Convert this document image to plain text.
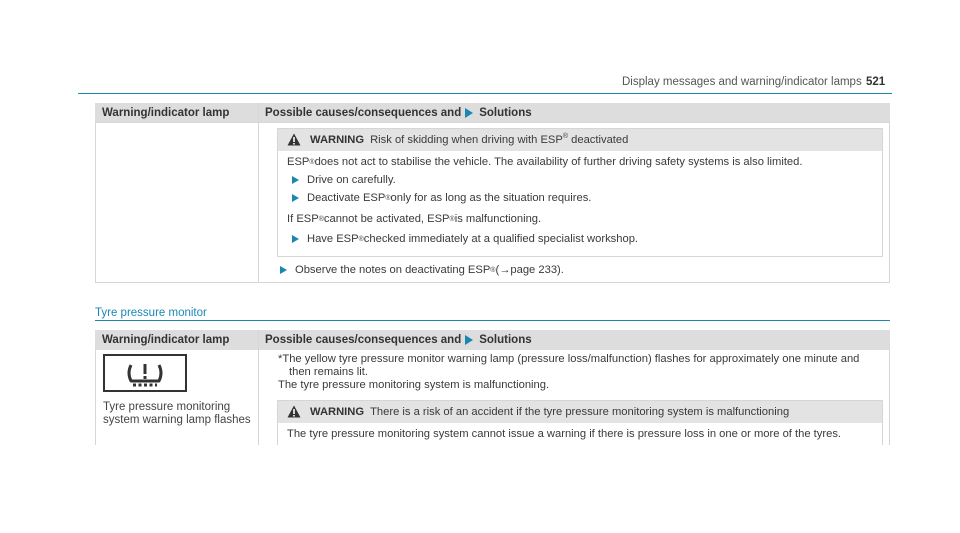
Display messages and warning/indicator lamps 521
Warning/indicator lamp	Possible causes/consequences and Solutions
WARNING Risk of skidding when driving with ESP® deactivated
ESP ® does not act to stabilise the vehicle. The availability of further driving safety systems is also limited.
Drive on carefully.
Deactivate ESP ® only for as long as the situation requires.
If ESP ® cannot be activated, ESP ® is malfunctioning.
Have ESP ® checked immediately at a qualified specialist workshop.
Observe the notes on deactivating ESP ® ( → page 233).
Tyre pressure monitor
Warning/indicator lamp	Possible causes/consequences and Solutions
Tyre pressure monitoring
system warning lamp flashes
*The yellow tyre pressure monitor warning lamp (pressure loss/malfunction) flashes for approximately one minute and
then remains lit.
The tyre pressure monitoring system is malfunctioning.
WARNING There is a risk of an accident if the tyre pressure monitoring system is malfunctioning
The tyre pressure monitoring system cannot issue a warning if there is pressure loss in one or more of the tyres.
